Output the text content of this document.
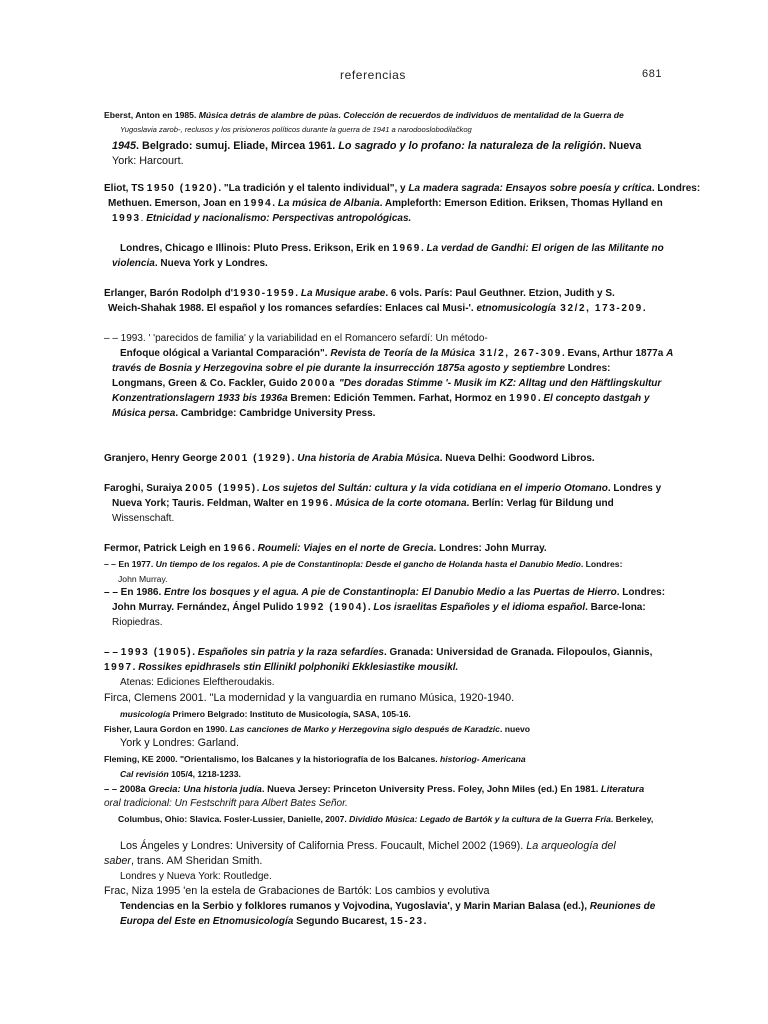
referencias	681
Eberst, Anton en 1985. Música detrás de alambre de púas. Colección de recuerdos de individuos de mentalidad de la Guerra de
Yugoslavia zarob-, reclusos y los prisioneros políticos durante la guerra de 1941 a narodooslobodilačkog
1945. Belgrado: sumuj. Eliade, Mircea 1961. Lo sagrado y lo profano: la naturaleza de la religión. Nueva
York: Harcourt.
Eliot, TS 1950 (1920). "La tradición y el talento individual", y La madera sagrada: Ensayos sobre poesía y crítica. Londres:
Methuen. Emerson, Joan en 1994. La música de Albania. Ampleforth: Emerson Edition. Eriksen, Thomas Hylland en
1993. Etnicidad y nacionalismo: Perspectivas antropológicas.
Londres, Chicago e Illinois: Pluto Press. Erikson, Erik en 1969. La verdad de Gandhi: El origen de las Militante no
violencia. Nueva York y Londres.
Erlanger, Barón Rodolph d'1930-1959. La Musique arabe. 6 vols. París: Paul Geuthner. Etzion, Judith y S.
Weich-Shahak 1988. El español y los romances sefardíes: Enlaces cal Musi-'. etnomusicología 32/2, 173-209.
– – 1993. ' 'parecidos de familia' y la variabilidad en el Romancero sefardí: Un método-
Enfoque ológical a Variantal Comparación". Revista de Teoría de la Música 31/2, 267-309. Evans, Arthur 1877a A
través de Bosnia y Herzegovina sobre el pie durante la insurrección 1875a agosto y septiembre Londres:
Longmans, Green & Co. Fackler, Guido 2000a "Des doradas Stimme '- Musik im KZ: Alltag und den Häftlingskultur
Konzentrationslagern 1933 bis 1936a Bremen: Edición Temmen. Farhat, Hormoz en 1990. El concepto dastgah y
Música persa. Cambridge: Cambridge University Press.
Granjero, Henry George 2001 (1929). Una historia de Arabia Música. Nueva Delhi: Goodword Libros.
Faroghi, Suraiya 2005 (1995). Los sujetos del Sultán: cultura y la vida cotidiana en el imperio Otomano. Londres y
Nueva York; Tauris. Feldman, Walter en 1996. Música de la corte otomana. Berlín: Verlag für Bildung und
Wissenschaft.
Fermor, Patrick Leigh en 1966. Roumeli: Viajes en el norte de Grecia. Londres: John Murray.
– – En 1977. Un tiempo de los regalos. A pie de Constantinopla: Desde el gancho de Holanda hasta el Danubio Medio. Londres:
John Murray.
– – En 1986. Entre los bosques y el agua. A pie de Constantinopla: El Danubio Medio a las Puertas de Hierro. Londres:
John Murray. Fernández, Ángel Pulido 1992 (1904). Los israelitas Españoles y el idioma español. Barce-lona:
Riopiedras.
– – 1993 (1905). Españoles sin patria y la raza sefardíes. Granada: Universidad de Granada. Filopoulos, Giannis,
1997. Rossikes epidhrasels stin Ellinikl polphoniki Ekklesiastike mousikl.
Atenas: Ediciones Eleftheroudakis.
Firca, Clemens 2001. "La modernidad y la vanguardia en rumano Música, 1920-1940.
musicología Primero Belgrado: Instituto de Musicología, SASA, 105-16.
Fisher, Laura Gordon en 1990. Las canciones de Marko y Herzegovina siglo después de Karadzic. nuevo
York y Londres: Garland.
Fleming, KE 2000. "Orientalismo, los Balcanes y la historiografía de los Balcanes. historiog- Americana
Cal revisión 105/4, 1218-1233.
– – 2008a Grecia: Una historia judía. Nueva Jersey: Princeton University Press. Foley, John Miles (ed.) En 1981. Literatura
oral tradicional: Un Festschrift para Albert Bates Señor.
Columbus, Ohio: Slavica. Fosler-Lussier, Danielle, 2007. Dividido Música: Legado de Bartók y la cultura de la Guerra Fría. Berkeley,
Los Ángeles y Londres: University of California Press. Foucault, Michel 2002 (1969). La arqueología del
saber, trans. AM Sheridan Smith.
Londres y Nueva York: Routledge.
Frac, Niza 1995 'en la estela de Grabaciones de Bartók: Los cambios y evolutiva
Tendencias en la Serbio y folklores rumanos y Vojvodina, Yugoslavia', y Marin Marian Balasa (ed.), Reuniones de
Europa del Este en Etnomusicología Segundo Bucarest, 15-23.
